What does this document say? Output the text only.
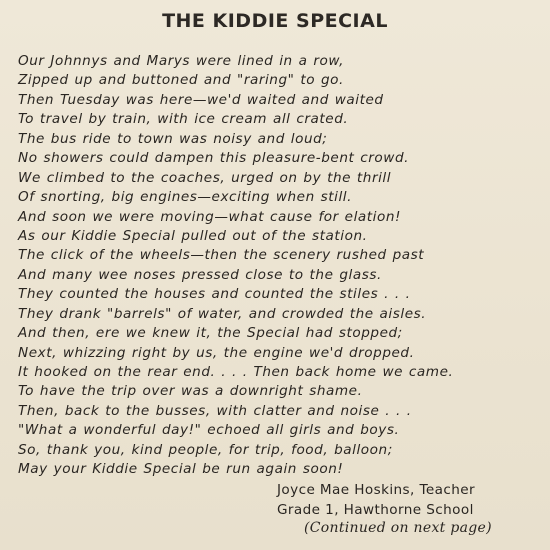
THE KIDDIE SPECIAL
Our Johnnys and Marys were lined in a row,
Zipped up and buttoned and "raring" to go.
Then Tuesday was here—we'd waited and waited
To travel by train, with ice cream all crated.
The bus ride to town was noisy and loud;
No showers could dampen this pleasure-bent crowd.
We climbed to the coaches, urged on by the thrill
Of snorting, big engines—exciting when still.
And soon we were moving—what cause for elation!
As our Kiddie Special pulled out of the station.
The click of the wheels—then the scenery rushed past
And many wee noses pressed close to the glass.
They counted the houses and counted the stiles . . .
They drank "barrels" of water, and crowded the aisles.
And then, ere we knew it, the Special had stopped;
Next, whizzing right by us, the engine we'd dropped.
It hooked on the rear end. . . . Then back home we came.
To have the trip over was a downright shame.
Then, back to the busses, with clatter and noise . . .
"What a wonderful day!" echoed all girls and boys.
So, thank you, kind people, for trip, food, balloon;
May your Kiddie Special be run again soon!
Joyce Mae Hoskins, Teacher
Grade 1, Hawthorne School
(Continued on next page)
